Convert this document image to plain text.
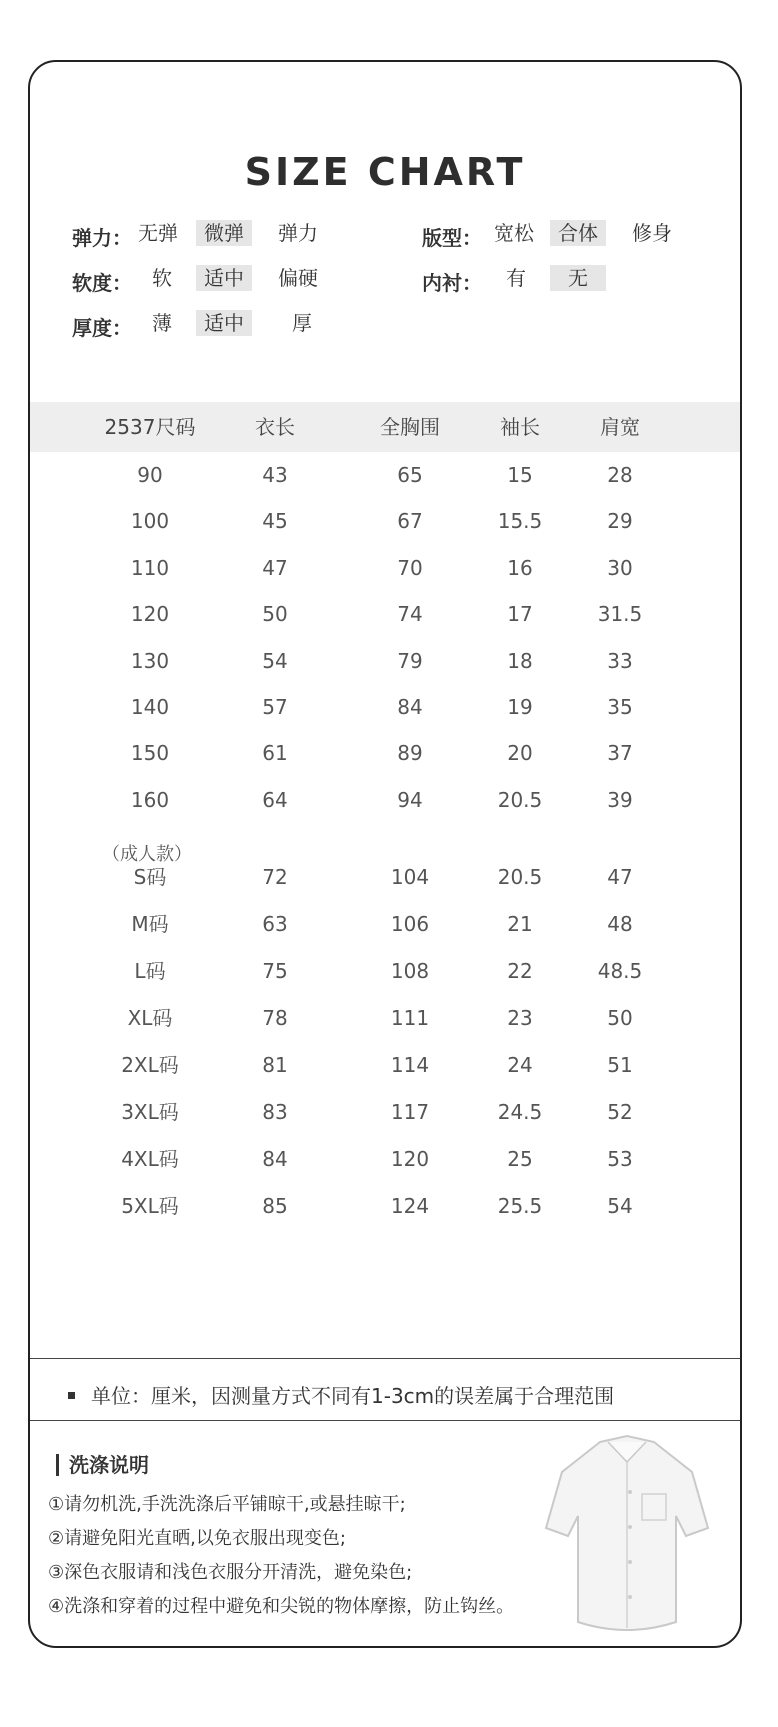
SIZE CHART
弹力： 无弹	微弹	弹力	版型： 宽松	合体	修身
软度：	软	适中	偏硬	内衬：	有	无
厚度：	薄	适中	厚
2537尺码	衣长	全胸围	袖长	肩宽
90	43	65	15	28
100	45	67	15.5	29
110	47	70	16	30
120	50	74	17	31.5
130	54	79	18	33
140	57	84	19	35
150	61	89	20	37
160	64	94	20.5	39
S码	72	104	20.5	47
M码	63	106	21	48
L码	75	108	22	48.5
XL码	78	111	23	50
2XL码	81	114	24	51
3XL码	83	117	24.5	52
4XL码	84	120	25	53
5XL码	85	124	25.5	54
（成人款）
单位：厘米，因测量方式不同有1-3cm的误差属于合理范围
洗涤说明
①请勿机洗,手洗洗涤后平铺晾干,或悬挂晾干;
②请避免阳光直晒,以免衣服出现变色;
③深色衣服请和浅色衣服分开清洗，避免染色;
④洗涤和穿着的过程中避免和尖锐的物体摩擦，防止钩丝。
